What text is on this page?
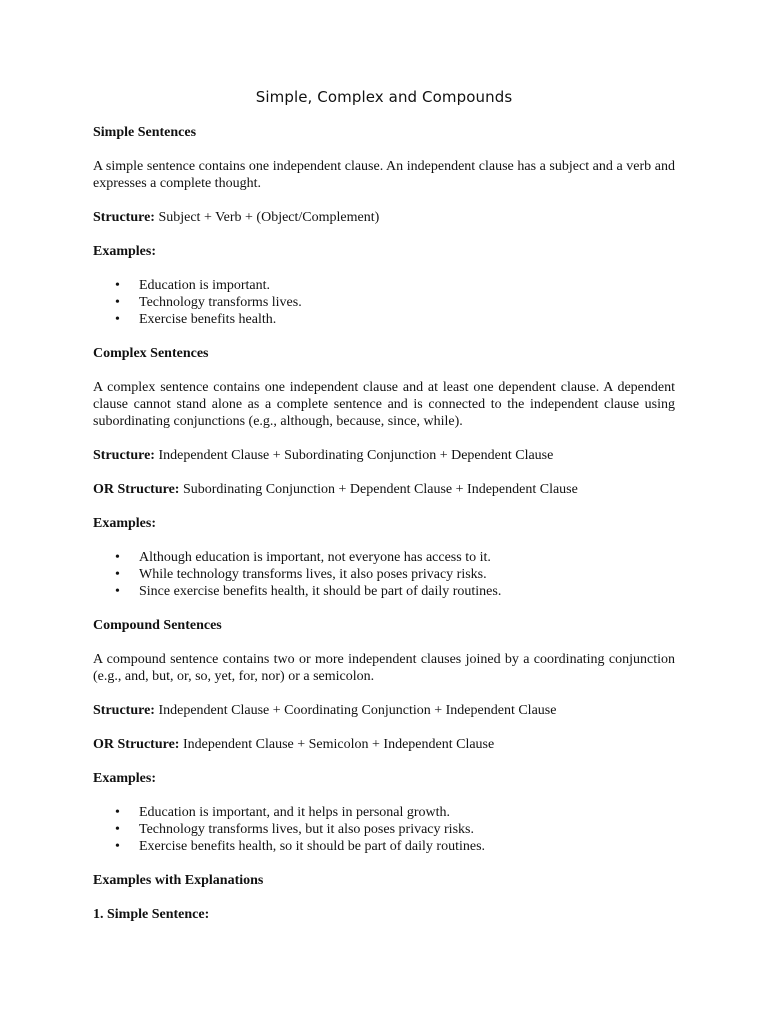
Simple, Complex and Compounds
Simple Sentences
A simple sentence contains one independent clause. An independent clause has a subject and a verb and expresses a complete thought.
Structure: Subject + Verb + (Object/Complement)
Examples:
• Education is important.
• Technology transforms lives.
• Exercise benefits health.
Complex Sentences
A complex sentence contains one independent clause and at least one dependent clause. A dependent clause cannot stand alone as a complete sentence and is connected to the independent clause using subordinating conjunctions (e.g., although, because, since, while).
Structure: Independent Clause + Subordinating Conjunction + Dependent Clause
OR Structure: Subordinating Conjunction + Dependent Clause + Independent Clause
Examples:
• Although education is important, not everyone has access to it.
• While technology transforms lives, it also poses privacy risks.
• Since exercise benefits health, it should be part of daily routines.
Compound Sentences
A compound sentence contains two or more independent clauses joined by a coordinating conjunction (e.g., and, but, or, so, yet, for, nor) or a semicolon.
Structure: Independent Clause + Coordinating Conjunction + Independent Clause
OR Structure: Independent Clause + Semicolon + Independent Clause
Examples:
• Education is important, and it helps in personal growth.
• Technology transforms lives, but it also poses privacy risks.
• Exercise benefits health, so it should be part of daily routines.
Examples with Explanations
1. Simple Sentence:
